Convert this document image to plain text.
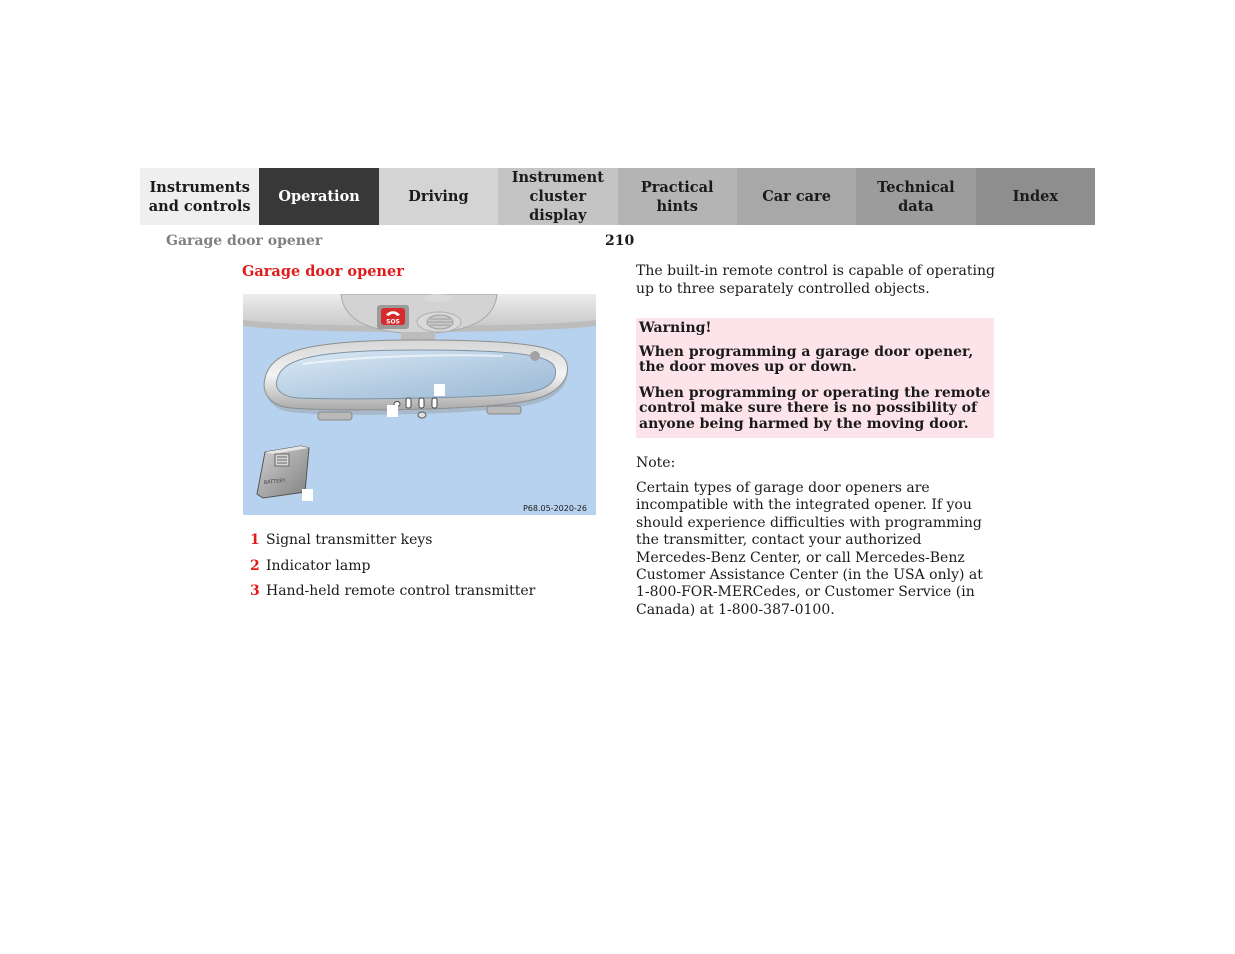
Instruments and controls
Operation	Driving
Instrument cluster display
Practical hints
Car care
Technical data
Index
Garage door opener	210
Garage door opener
SOS
BATTERY
P68.05-2020-26
1 Signal transmitter keys
2 Indicator lamp
3 Hand-held remote control transmitter
The built-in remote control is capable of operating up to three separately controlled objects.

Warning!

When programming a garage door opener, the door moves up or down.

When programming or operating the remote control make sure there is no possibility of anyone being harmed by the moving door.

Note:
Certain types of garage door openers are incompatible with the integrated opener. If you should experience difficulties with programming the transmitter, contact your authorized Mercedes-Benz Center, or call Mercedes-Benz Customer Assistance Center (in the USA only) at 1-800-FOR-MERCedes, or Customer Service (in Canada) at 1-800-387-0100.
